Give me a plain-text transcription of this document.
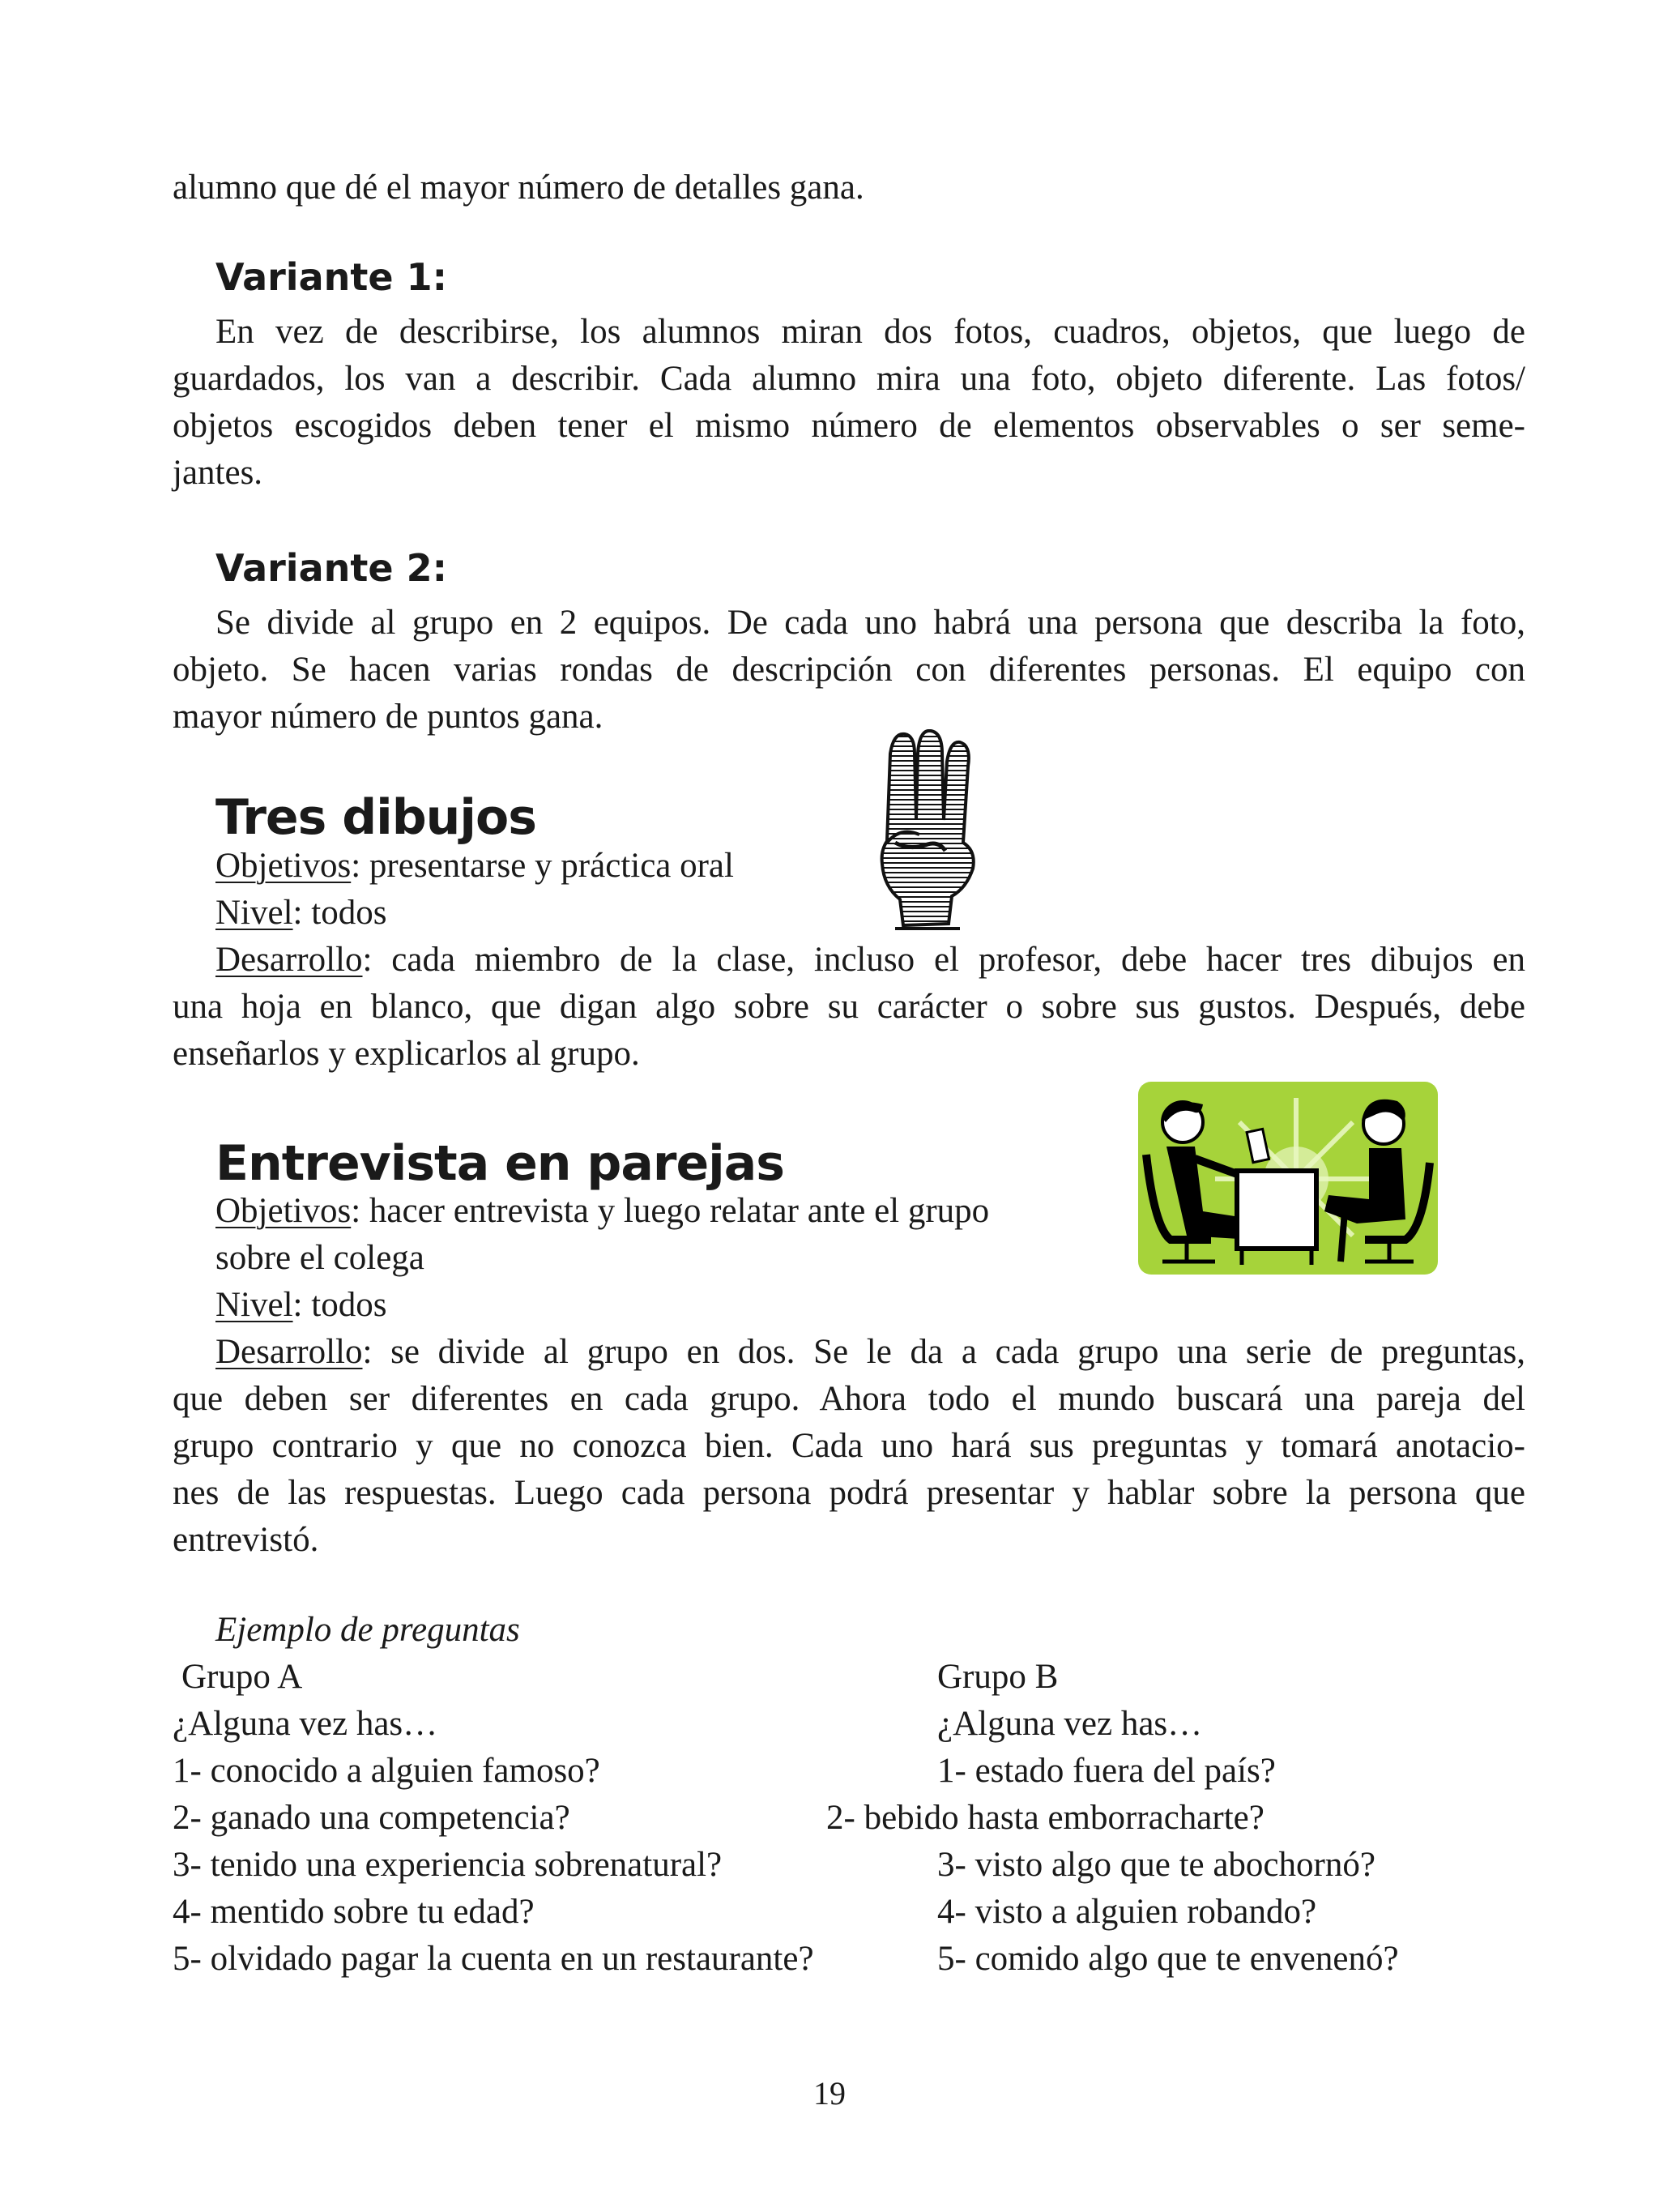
alumno que dé el mayor número de detalles gana.
Variante 1:
En vez de describirse, los alumnos miran dos fotos, cuadros, objetos, que luego de
guardados, los van a describir. Cada alumno mira una foto, objeto diferente. Las fotos/
objetos escogidos deben tener el mismo número de elementos observables o ser seme-
jantes.
Variante 2:
Se divide al grupo en 2 equipos. De cada uno habrá una persona que describa la foto,
objeto. Se hacen varias rondas de descripción con diferentes personas. El equipo con
mayor número de puntos gana.
Tres dibujos
Objetivos: presentarse y práctica oral
Nivel: todos
Desarrollo: cada miembro de la clase, incluso el profesor, debe hacer tres dibujos en
una hoja en blanco, que digan algo sobre su carácter o sobre sus gustos. Después, debe
enseñarlos y explicarlos al grupo.
Entrevista en parejas
Objetivos: hacer entrevista y luego relatar ante el grupo
sobre el colega
Nivel: todos
Desarrollo: se divide al grupo en dos. Se le da a cada grupo una serie de preguntas,
que deben ser diferentes en cada grupo. Ahora todo el mundo buscará una pareja del
grupo contrario y que no conozca bien. Cada uno hará sus preguntas y tomará anotacio-
nes de las respuestas. Luego cada persona podrá presentar y hablar sobre la persona que
entrevistó.
Ejemplo de preguntas
Grupo A
¿Alguna vez has…
1- conocido a alguien famoso?
2- ganado una competencia?
3- tenido una experiencia sobrenatural?
4- mentido sobre tu edad?
5- olvidado pagar la cuenta en un restaurante?
Grupo B
¿Alguna vez has…
1- estado fuera del país?
2- bebido hasta emborracharte?
3- visto algo que te abochornó?
4- visto a alguien robando?
5- comido algo que te envenenó?
19
